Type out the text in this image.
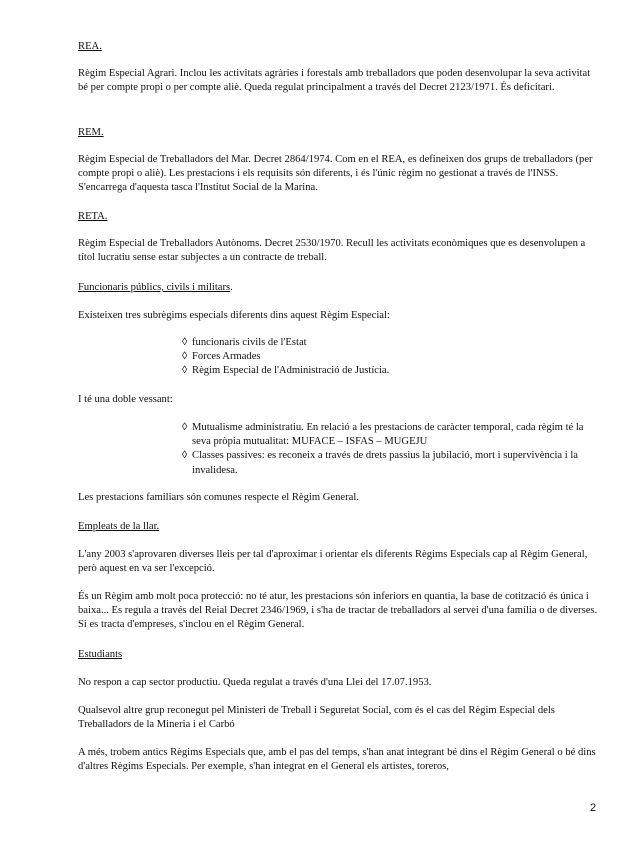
REA.

Règim Especial Agrari. Inclou les activitats agràries i forestals amb treballadors que poden desenvolupar la seva activitat bé per compte propi o per compte aliè. Queda regulat principalment a través del Decret 2123/1971. És deficitari.

REM.

Règim Especial de Treballadors del Mar. Decret 2864/1974. Com en el REA, es defineixen dos grups de treballadors (per compte propi o aliè). Les prestacions i els requisits són diferents, i és l'únic règim no gestionat a través de l'INSS. S'encarrega d'aquesta tasca l'Institut Social de la Marina.

RETA.

Règim Especial de Treballadors Autònoms. Decret 2530/1970. Recull les activitats econòmiques que es desenvolupen a títol lucratiu sense estar subjectes a un contracte de treball.

Funcionaris públics, civils i militars.

Existeixen tres subrègims especials diferents dins aquest Règim Especial:

◊ funcionaris civils de l'Estat
◊ Forces Armades
◊ Règim Especial de l'Administració de Justícia.

I té una doble vessant:

◊ Mutualisme administratiu. En relació a les prestacions de caràcter temporal, cada règim té la seva pròpia mutualitat: MUFACE – ISFAS – MUGEJU
◊ Classes passives: es reconeix a través de drets passius la jubilació, mort i supervivència i la invalidesa.

Les prestacions familiars són comunes respecte el Règim General.

Empleats de la llar.

L'any 2003 s'aprovaren diverses lleis per tal d'aproximar i orientar els diferents Règims Especials cap al Règim General, però aquest en va ser l'excepció.

És un Règim amb molt poca protecció: no té atur, les prestacions són inferiors en quantia, la base de cotització és única i baixa... Es regula a través del Reial Decret 2346/1969, i s'ha de tractar de treballadors al servei d'una família o de diverses. Si es tracta d'empreses, s'inclou en el Règim General.

Estudiants

No respon a cap sector productiu. Queda regulat a través d'una Llei del 17.07.1953.

Qualsevol altre grup reconegut pel Ministeri de Treball i Seguretat Social, com és el cas del Règim Especial dels Treballadors de la Mineria i el Carbó

A més, trobem antics Règims Especials que, amb el pas del temps, s'han anat integrant bé dins el Règim General o bé dins d'altres Règims Especials. Per exemple, s'han integrat en el General els artistes, toreros,

2
